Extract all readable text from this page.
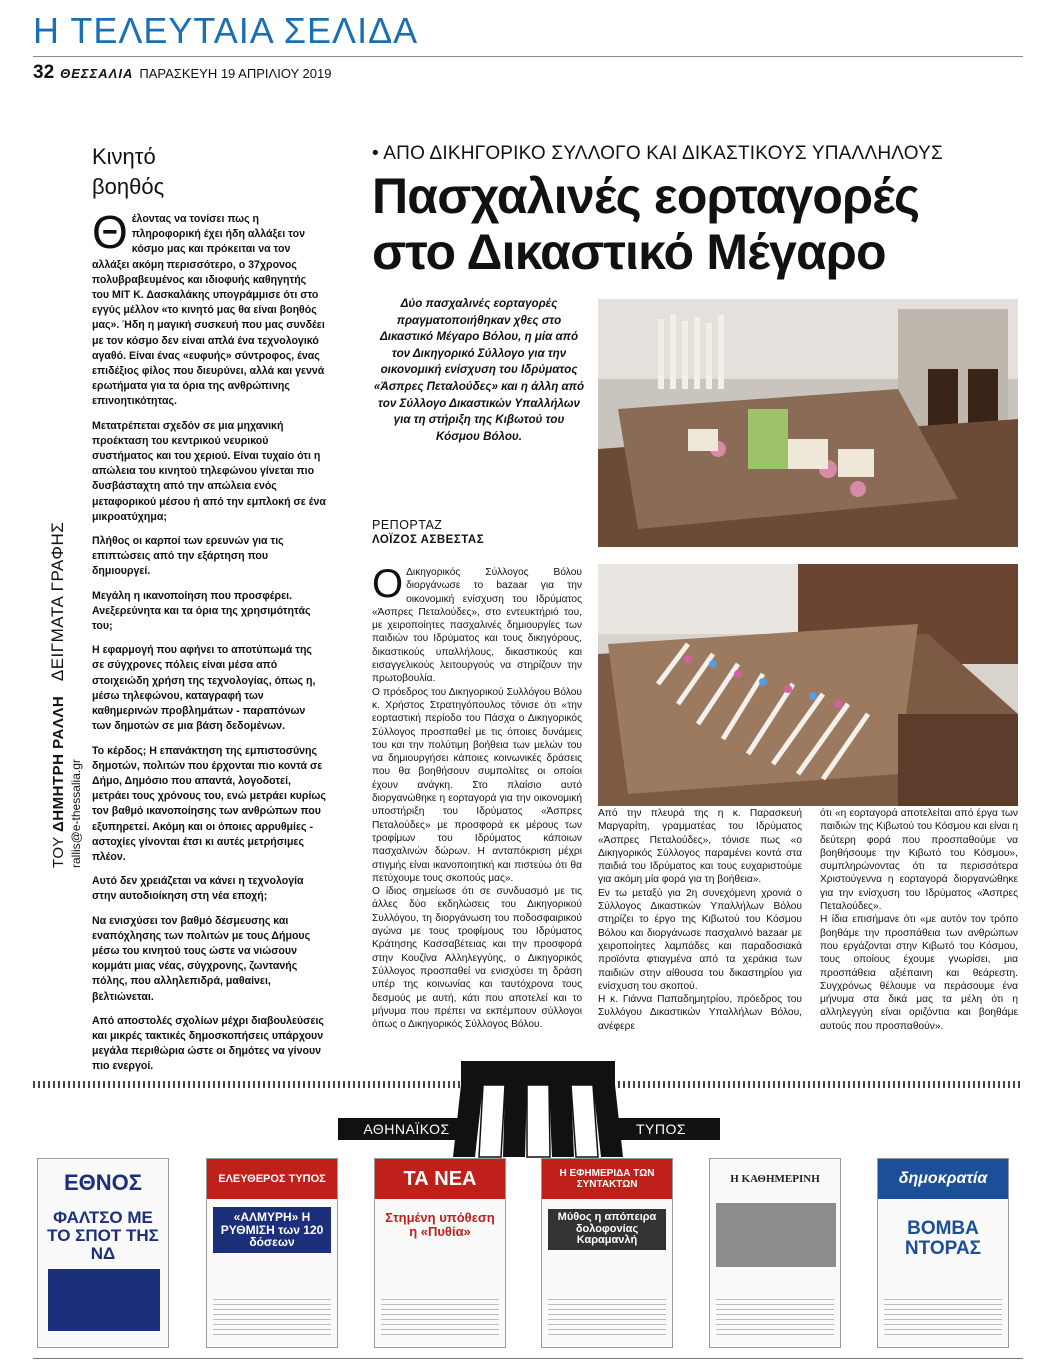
Η ΤΕΛΕΥΤΑΙΑ ΣΕΛΙΔΑ
32 ΘΕΣΣΑΛΙΑ ΠΑΡΑΣΚΕΥΗ 19 ΑΠΡΙΛΙΟΥ 2019
ΤΟΥ ΔΗΜΗΤΡΗ ΡΑΛΛΗ ΔΕΙΓΜΑΤΑ ΓΡΑΦΗΣ
rallis@e-thessalia.gr
Κινητό
βοηθός

Θέλοντας να τονίσει πως η πληροφορική έχει ήδη αλλάξει τον κόσμο μας και πρόκειται να τον αλλάξει ακόμη περισσότερο, ο 37χρονος πολυβραβευμένος και ιδιοφυής καθηγητής του ΜΙΤ Κ. Δασκαλάκης υπογράμμισε ότι στο εγγύς μέλλον «το κινητό μας θα είναι βοηθός μας». Ήδη η μαγική συσκευή που μας συνδέει με τον κόσμο δεν είναι απλά ένα τεχνολογικό αγαθό. Είναι ένας «ευφυής» σύντροφος, ένας επιδέξιος φίλος που διευρύνει, αλλά και γεννά ερωτήματα για τα όρια της ανθρώπινης επινοητικότητας.

Μετατρέπεται σχεδόν σε μια μηχανική προέκταση του κεντρικού νευρικού συστήματος και του χεριού. Είναι τυχαίο ότι η απώλεια του κινητού τηλεφώνου γίνεται πιο δυσβάσταχτη από την απώλεια ενός μεταφορικού μέσου ή από την εμπλοκή σε ένα μικροατύχημα;

Πλήθος οι καρποί των ερευνών για τις επιπτώσεις από την εξάρτηση που δημιουργεί.

Μεγάλη η ικανοποίηση που προσφέρει. Ανεξερεύνητα και τα όρια της χρησιμότητάς του;

Η εφαρμογή που αφήνει το αποτύπωμά της σε σύγχρονες πόλεις είναι μέσα από στοιχειώδη χρήση της τεχνολογίας, όπως η, μέσω τηλεφώνου, καταγραφή των καθημερινών προβλημάτων - παραπόνων των δημοτών σε μια βάση δεδομένων.

Το κέρδος; Η επανάκτηση της εμπιστοσύνης δημοτών, πολιτών που έρχονται πιο κοντά σε Δήμο, Δημόσιο που απαντά, λογοδοτεί, μετράει τους χρόνους του, ενώ μετράει κυρίως τον βαθμό ικανοποίησης των ανθρώπων που εξυπηρετεί. Ακόμη και οι όποιες αρρυθμίες - αστοχίες γίνονται έτσι κι αυτές μετρήσιμες πλέον.

Αυτό δεν χρειάζεται να κάνει η τεχνολογία στην αυτοδιοίκηση στη νέα εποχή;

Να ενισχύσει τον βαθμό δέσμευσης και εναπόχλησης των πολιτών με τους Δήμους μέσω του κινητού τους ώστε να νιώσουν κομμάτι μιας νέας, σύγχρονης, ζωντανής πόλης, που αλληλεπιδρά, μαθαίνει, βελτιώνεται.

Από αποστολές σχολίων μέχρι διαβουλεύσεις και μικρές τακτικές δημοσκοπήσεις υπάρχουν μεγάλα περιθώρια ώστε οι δημότες να γίνουν πιο ενεργοί.

• ΑΠΟ ΔΙΚΗΓΟΡΙΚΟ ΣΥΛΛΟΓΟ ΚΑΙ ΔΙΚΑΣΤΙΚΟΥΣ ΥΠΑΛΛΗΛΟΥΣ
Πασχαλινές εορταγορές
στο Δικαστικό Μέγαρο
Δύο πασχαλινές εορταγορές πραγματοποιήθηκαν χθες στο Δικαστικό Μέγαρο Βόλου, η μία από τον Δικηγορικό Σύλλογο για την οικονομική ενίσχυση του Ιδρύματος «Άσπρες Πεταλούδες» και η άλλη από τον Σύλλογο Δικαστικών Υπαλλήλων για τη στήριξη της Κιβωτού του Κόσμου Βόλου.
ΡΕΠΟΡΤΑΖ
ΛΟΪΖΟΣ ΑΣΒΕΣΤΑΣ

Ο Δικηγορικός Σύλλογος Βόλου διοργάνωσε το bazaar για την οικονομική ενίσχυση του Ιδρύματος «Άσπρες Πεταλούδες», στο εντευκτήριό του, με χειροποίητες πασχαλινές δημιουργίες των παιδιών του Ιδρύματος και τους δικηγόρους, δικαστικούς υπαλλήλους, δικαστικούς και εισαγγελικούς λειτουργούς να στηρίζουν την πρωτοβουλία.

Ο πρόεδρος του Δικηγορικού Συλλόγου Βόλου κ. Χρήστος Στρατηγόπουλος τόνισε ότι «την εορταστική περίοδο του Πάσχα ο Δικηγορικός Σύλλογος προσπαθεί με τις όποιες δυνάμεις του και την πολύτιμη βοήθεια των μελών του να δημιουργήσει κάποιες κοινωνικές δράσεις που θα βοηθήσουν συμπολίτες οι οποίοι έχουν ανάγκη. Στο πλαίσιο αυτό διοργανώθηκε η εορταγορά για την οικονομική υποστήριξη του Ιδρύματος «Άσπρες Πεταλούδες» με προσφορά εκ μέρους των τροφίμων του Ιδρύματος κάποιων πασχαλινών δώρων. Η ανταπόκριση μέχρι στιγμής είναι ικανοποιητική και πιστεύω ότι θα πετύχουμε τους σκοπούς μας».

Ο ίδιος σημείωσε ότι σε συνδυασμό με τις άλλες δύο εκδηλώσεις του Δικηγορικού Συλλόγου, τη διοργάνωση του ποδοσφαιρικού αγώνα με τους τροφίμους του Ιδρύματος Κράτησης Κασσαβέτειας και την προσφορά στην Κουζίνα Αλληλεγγύης, ο Δικηγορικός Σύλλογος προσπαθεί να ενισχύσει τη δράση υπέρ της κοινωνίας και ταυτόχρονα τους δεσμούς με αυτή, κάτι που αποτελεί και το μήνυμα που πρέπει να εκπέμπουν σύλλογοι όπως ο Δικηγορικός Σύλλογος Βόλου.

Από την πλευρά της η κ. Παρασκευή Μαργαρίτη, γραμματέας του Ιδρύματος «Άσπρες Πεταλούδες», τόνισε πως «ο Δικηγορικός Σύλλογος παραμένει κοντά στα παιδιά του Ιδρύματος και τους ευχαριστούμε για ακόμη μία φορά για τη βοήθεια».

Εν τω μεταξύ για 2η συνεχόμενη χρονιά ο Σύλλογος Δικαστικών Υπαλλήλων Βόλου στηρίζει το έργο της Κιβωτού του Κόσμου Βόλου και διοργάνωσε πασχαλινό bazaar με χειροποίητες λαμπάδες και παραδοσιακά προϊόντα φτιαγμένα από τα χεράκια των παιδιών στην αίθουσα του δικαστηρίου για ενίσχυση του σκοπού.

Η κ. Γιάννα Παπαδημητρίου, πρόεδρος του Συλλόγου Δικαστικών Υπαλλήλων Βόλου, ανέφερε

ότι «η εορταγορά αποτελείται από έργα των παιδιών της Κιβωτού του Κόσμου και είναι η δεύτερη φορά που προσπαθούμε να βοηθήσουμε την Κιβωτό του Κόσμου», συμπληρώνοντας ότι τα περισσότερα Χριστούγεννα η εορταγορά διοργανώθηκε για την ενίσχυση του Ιδρύματος «Άσπρες Πεταλούδες».

Η ίδια επισήμανε ότι «με αυτόν τον τρόπο βοηθάμε την προσπάθεια των ανθρώπων που εργάζονται στην Κιβωτό του Κόσμου, τους οποίους έχουμε γνωρίσει, μια προσπάθεια αξιέπαινη και θεάρεστη. Συγχρόνως θέλουμε να περάσουμε ένα μήνυμα στα δικά μας τα μέλη ότι η αλληλεγγύη είναι οριζόντια και βοηθάμε αυτούς που προσπαθούν».

ΑΘΗΝΑΪΚΟΣ	ΤΥΠΟΣ
ΕΘΝΟΣ
ΦΑΛΤΣΟ ΜΕ ΤΟ ΣΠΟΤ ΤΗΣ ΝΔ
ΕΛΕΥΘΕΡΟΣ ΤΥΠΟΣ
«ΑΛΜΥΡΗ» Η ΡΥΘΜΙΣΗ των 120 δόσεων
ΤΑ ΝΕΑ
Στημένη υπόθεση η «Πυθία»
Η ΕΦΗΜΕΡΙΔΑ ΤΩΝ ΣΥΝΤΑΚΤΩΝ
Μύθος η απόπειρα δολοφονίας Καραμανλή
Η ΚΑΘΗΜΕΡΙΝΗ	δημοκρατία
ΒΟΜΒΑ ΝΤΟΡΑΣ
